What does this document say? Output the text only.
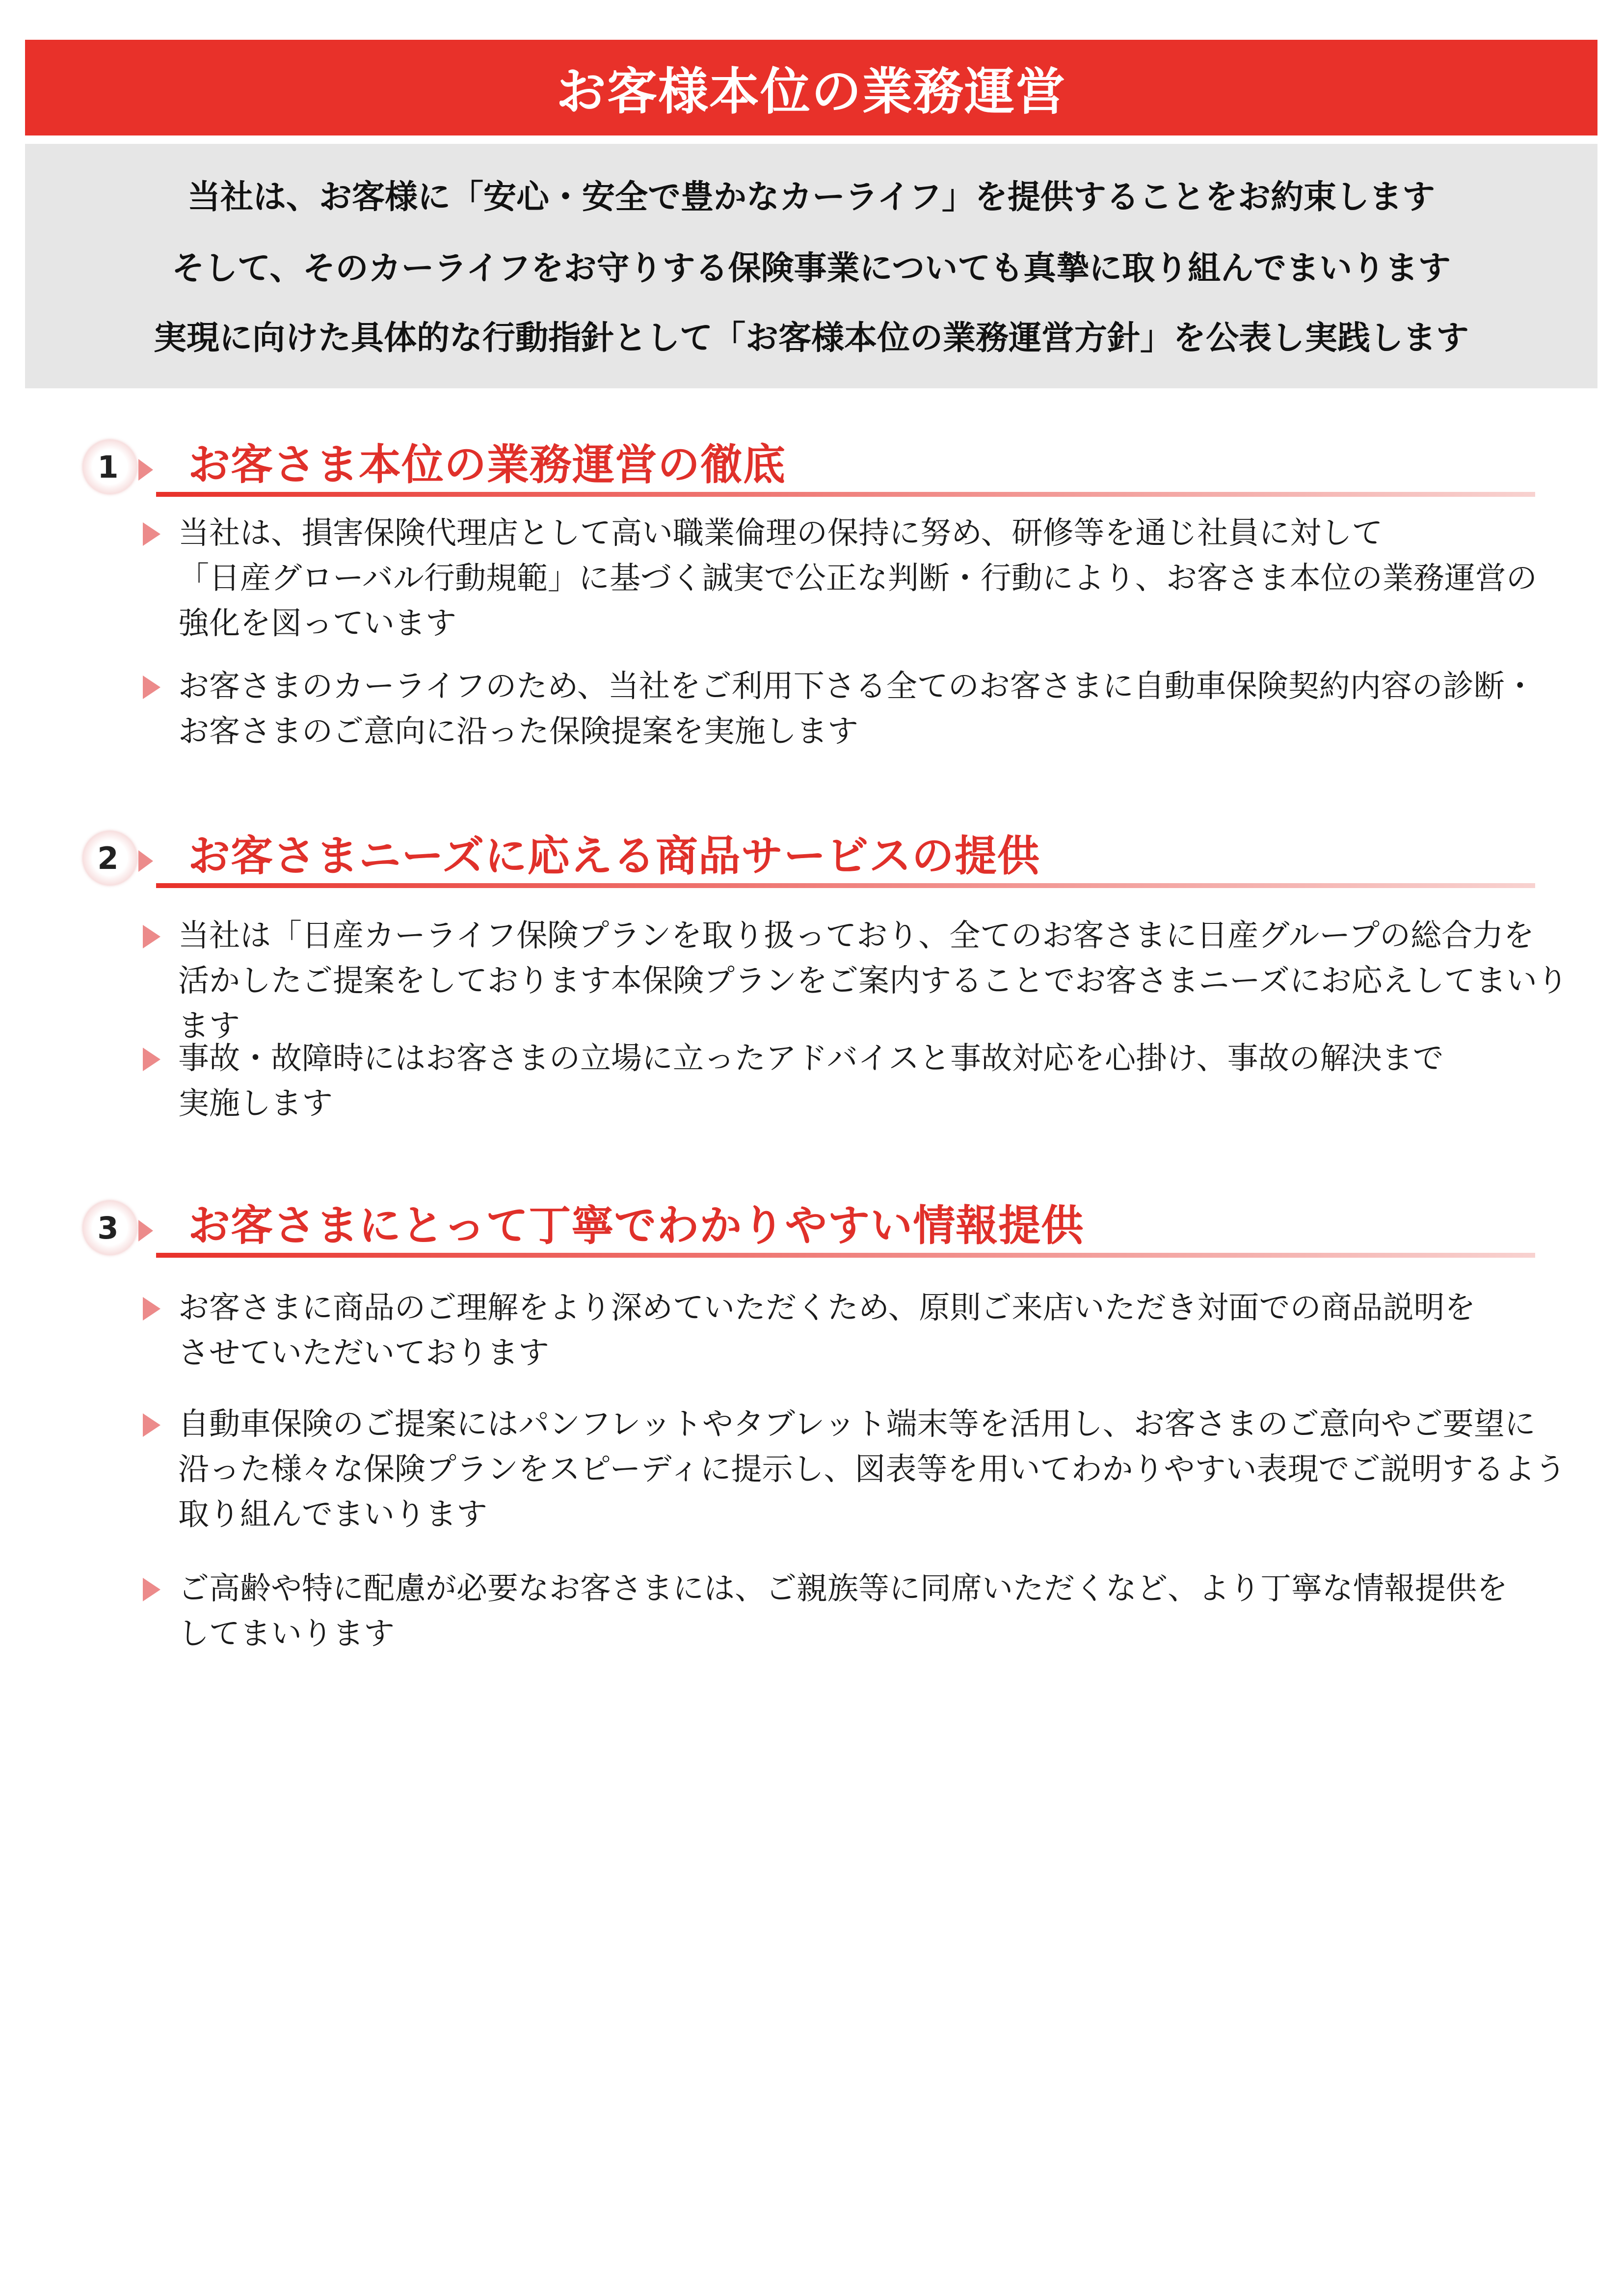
お客様本位の業務運営
当社は、お客様に「安心・安全で豊かなカーライフ」を提供することをお約束します
そして、そのカーライフをお守りする保険事業についても真摯に取り組んでまいります
実現に向けた具体的な行動指針として「お客様本位の業務運営方針」を公表し実践します
1 お客さま本位の業務運営の徹底
当社は、損害保険代理店として高い職業倫理の保持に努め、研修等を通じ社員に対して
「日産グローバル行動規範」に基づく誠実で公正な判断・行動により、お客さま本位の業務運営の
強化を図っています
お客さまのカーライフのため、当社をご利用下さる全てのお客さまに自動車保険契約内容の診断・
お客さまのご意向に沿った保険提案を実施します
2 お客さまニーズに応える商品サービスの提供
当社は「日産カーライフ保険プランを取り扱っており、全てのお客さまに日産グループの総合力を
活かしたご提案をしております本保険プランをご案内することでお客さまニーズにお応えしてまいります
事故・故障時にはお客さまの立場に立ったアドバイスと事故対応を心掛け、事故の解決まで
実施します
3 お客さまにとって丁寧でわかりやすい情報提供
お客さまに商品のご理解をより深めていただくため、原則ご来店いただき対面での商品説明を
させていただいております
自動車保険のご提案にはパンフレットやタブレット端末等を活用し、お客さまのご意向やご要望に
沿った様々な保険プランをスピーディに提示し、図表等を用いてわかりやすい表現でご説明するよう
取り組んでまいります
ご高齢や特に配慮が必要なお客さまには、ご親族等に同席いただくなど、より丁寧な情報提供を
してまいります
